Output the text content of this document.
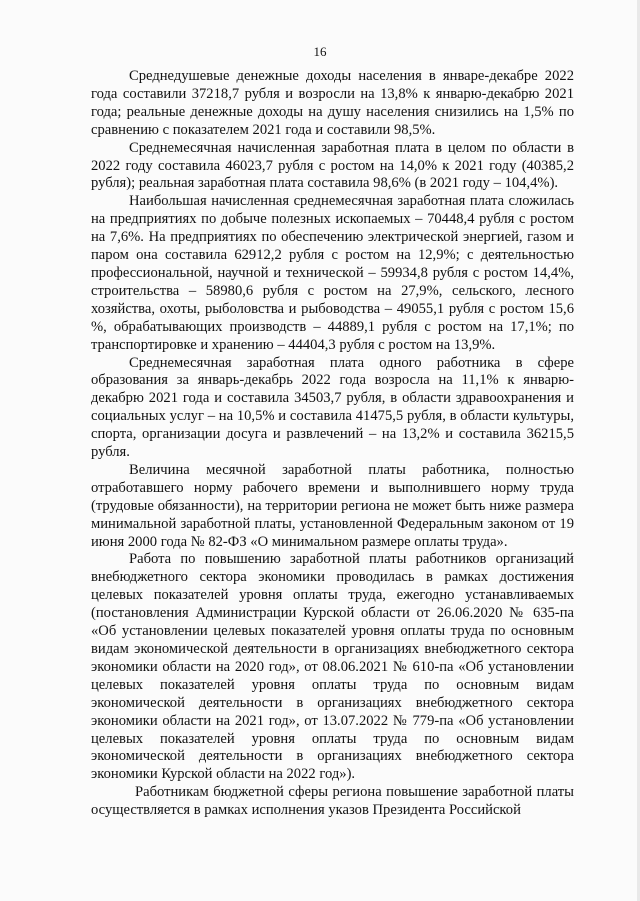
16

Среднедушевые денежные доходы населения в январе-декабре 2022 года составили 37218,7 рубля и возросли на 13,8% к январю-декабрю 2021 года; реальные денежные доходы на душу населения снизились на 1,5% по сравнению с показателем 2021 года и составили 98,5%.

Среднемесячная начисленная заработная плата в целом по области в 2022 году составила 46023,7 рубля с ростом на 14,0% к 2021 году (40385,2 рубля); реальная заработная плата составила 98,6% (в 2021 году – 104,4%).

Наибольшая начисленная среднемесячная заработная плата сложилась на предприятиях по добыче полезных ископаемых – 70448,4 рубля с ростом на 7,6%. На предприятиях по обеспечению электрической энергией, газом и паром она составила 62912,2 рубля с ростом на 12,9%; с деятельностью профессиональной, научной и технической – 59934,8 рубля с ростом 14,4%, строительства – 58980,6 рубля с ростом на 27,9%, сельского, лесного хозяйства, охоты, рыболовства и рыбоводства – 49055,1 рубля с ростом 15,6 %, обрабатывающих производств – 44889,1 рубля с ростом на 17,1%; по транспортировке и хранению – 44404,3 рубля с ростом на 13,9%.

Среднемесячная заработная плата одного работника в сфере образования за январь-декабрь 2022 года возросла на 11,1% к январю-декабрю 2021 года и составила 34503,7 рубля, в области здравоохранения и социальных услуг – на 10,5% и составила 41475,5 рубля, в области культуры, спорта, организации досуга и развлечений – на 13,2% и составила 36215,5 рубля.

Величина месячной заработной платы работника, полностью отработавшего норму рабочего времени и выполнившего норму труда (трудовые обязанности), на территории региона не может быть ниже размера минимальной заработной платы, установленной Федеральным законом от 19 июня 2000 года № 82-ФЗ «О минимальном размере оплаты труда».

Работа по повышению заработной платы работников организаций внебюджетного сектора экономики проводилась в рамках достижения целевых показателей уровня оплаты труда, ежегодно устанавливаемых (постановления Администрации Курской области от 26.06.2020 № 635-па «Об установлении целевых показателей уровня оплаты труда по основным видам экономической деятельности в организациях внебюджетного сектора экономики области на 2020 год», от 08.06.2021 № 610-па «Об установлении целевых показателей уровня оплаты труда по основным видам экономической деятельности в организациях внебюджетного сектора экономики области на 2021 год», от 13.07.2022 № 779-па «Об установлении целевых показателей уровня оплаты труда по основным видам экономической деятельности в организациях внебюджетного сектора экономики Курской области на 2022 год»).

Работникам бюджетной сферы региона повышение заработной платы осуществляется в рамках исполнения указов Президента Российской
